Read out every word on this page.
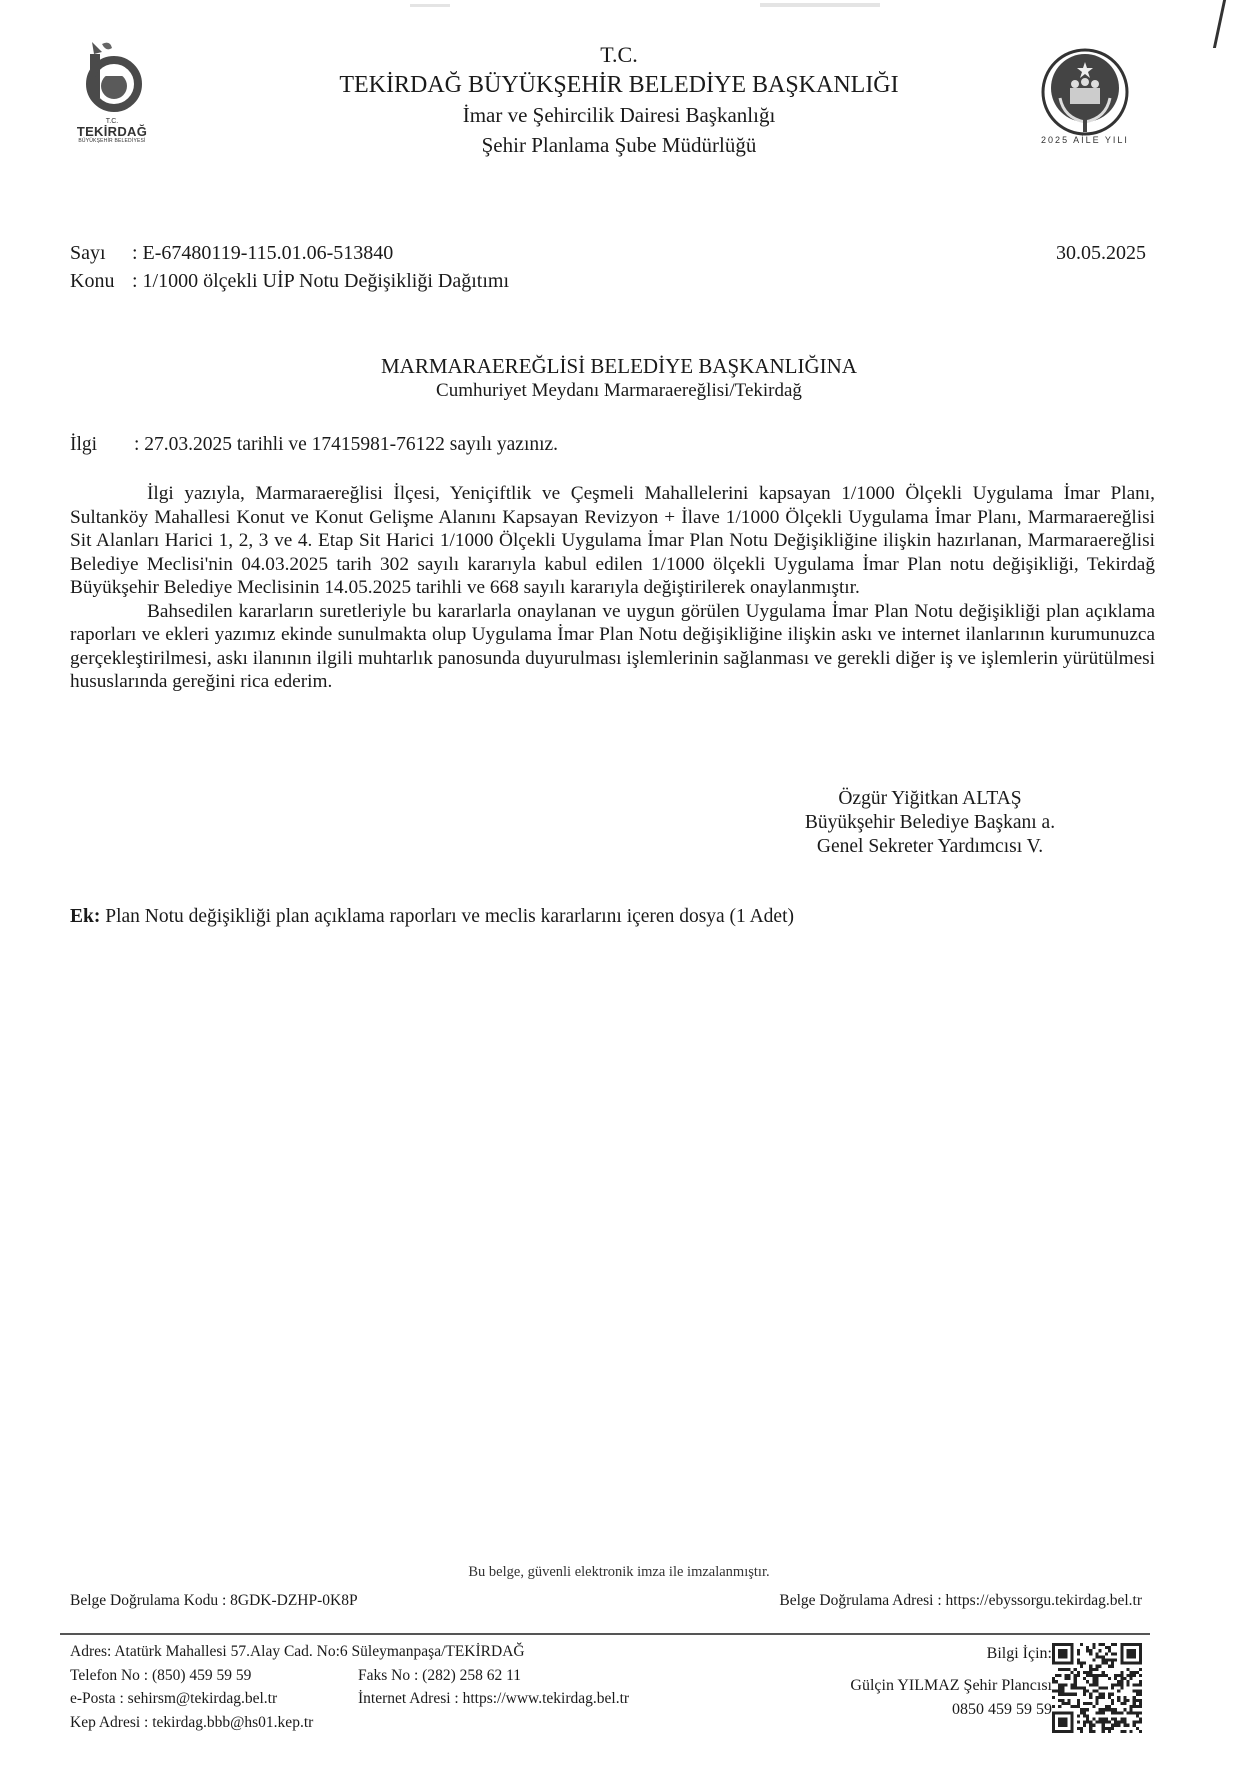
T.C.
TEKİRDAĞ
BÜYÜKŞEHİR BELEDİYESİ
T.C.
TEKİRDAĞ BÜYÜKŞEHİR BELEDİYE BAŞKANLIĞI
İmar ve Şehircilik Dairesi Başkanlığı
Şehir Planlama Şube Müdürlüğü	2025 AİLE YILI
Sayı : E-67480119-115.01.06-513840
Konu : 1/1000 ölçekli UİP Notu Değişikliği Dağıtımı
30.05.2025
MARMARAEREĞLİSİ BELEDİYE BAŞKANLIĞINA
Cumhuriyet Meydanı Marmaraereğlisi/Tekirdağ
İlgi : 27.03.2025 tarihli ve 17415981-76122 sayılı yazınız.

İlgi yazıyla, Marmaraereğlisi İlçesi, Yeniçiftlik ve Çeşmeli Mahallelerini kapsayan 1/1000 Ölçekli Uygulama İmar Planı, Sultanköy Mahallesi Konut ve Konut Gelişme Alanını Kapsayan Revizyon + İlave 1/1000 Ölçekli Uygulama İmar Planı, Marmaraereğlisi Sit Alanları Harici 1, 2, 3 ve 4. Etap Sit Harici 1/1000 Ölçekli Uygulama İmar Plan Notu Değişikliğine ilişkin hazırlanan, Marmaraereğlisi Belediye Meclisi'nin 04.03.2025 tarih 302 sayılı kararıyla kabul edilen 1/1000 ölçekli Uygulama İmar Plan notu değişikliği, Tekirdağ Büyükşehir Belediye Meclisinin 14.05.2025 tarihli ve 668 sayılı kararıyla değiştirilerek onaylanmıştır.

Bahsedilen kararların suretleriyle bu kararlarla onaylanan ve uygun görülen Uygulama İmar Plan Notu değişikliği plan açıklama raporları ve ekleri yazımız ekinde sunulmakta olup Uygulama İmar Plan Notu değişikliğine ilişkin askı ve internet ilanlarının kurumunuzca gerçekleştirilmesi, askı ilanının ilgili muhtarlık panosunda duyurulması işlemlerinin sağlanması ve gerekli diğer iş ve işlemlerin yürütülmesi hususlarında gereğini rica ederim.

Özgür Yiğitkan ALTAŞ
Büyükşehir Belediye Başkanı a.
Genel Sekreter Yardımcısı V.
Ek: Plan Notu değişikliği plan açıklama raporları ve meclis kararlarını içeren dosya (1 Adet)
Bu belge, güvenli elektronik imza ile imzalanmıştır.
Belge Doğrulama Kodu : 8GDK-DZHP-0K8P	Belge Doğrulama Adresi : https://ebyssorgu.tekirdag.bel.tr
Adres: Atatürk Mahallesi 57.Alay Cad. No:6 Süleymanpaşa/TEKİRDAĞ
Telefon No : (850) 459 59 59	Faks No : (282) 258 62 11
e-Posta : sehirsm@tekirdag.bel.tr	İnternet Adresi : https://www.tekirdag.bel.tr
Kep Adresi : tekirdag.bbb@hs01.kep.tr
Bilgi İçin:
Gülçin YILMAZ Şehir Plancısı
0850 459 59 59
